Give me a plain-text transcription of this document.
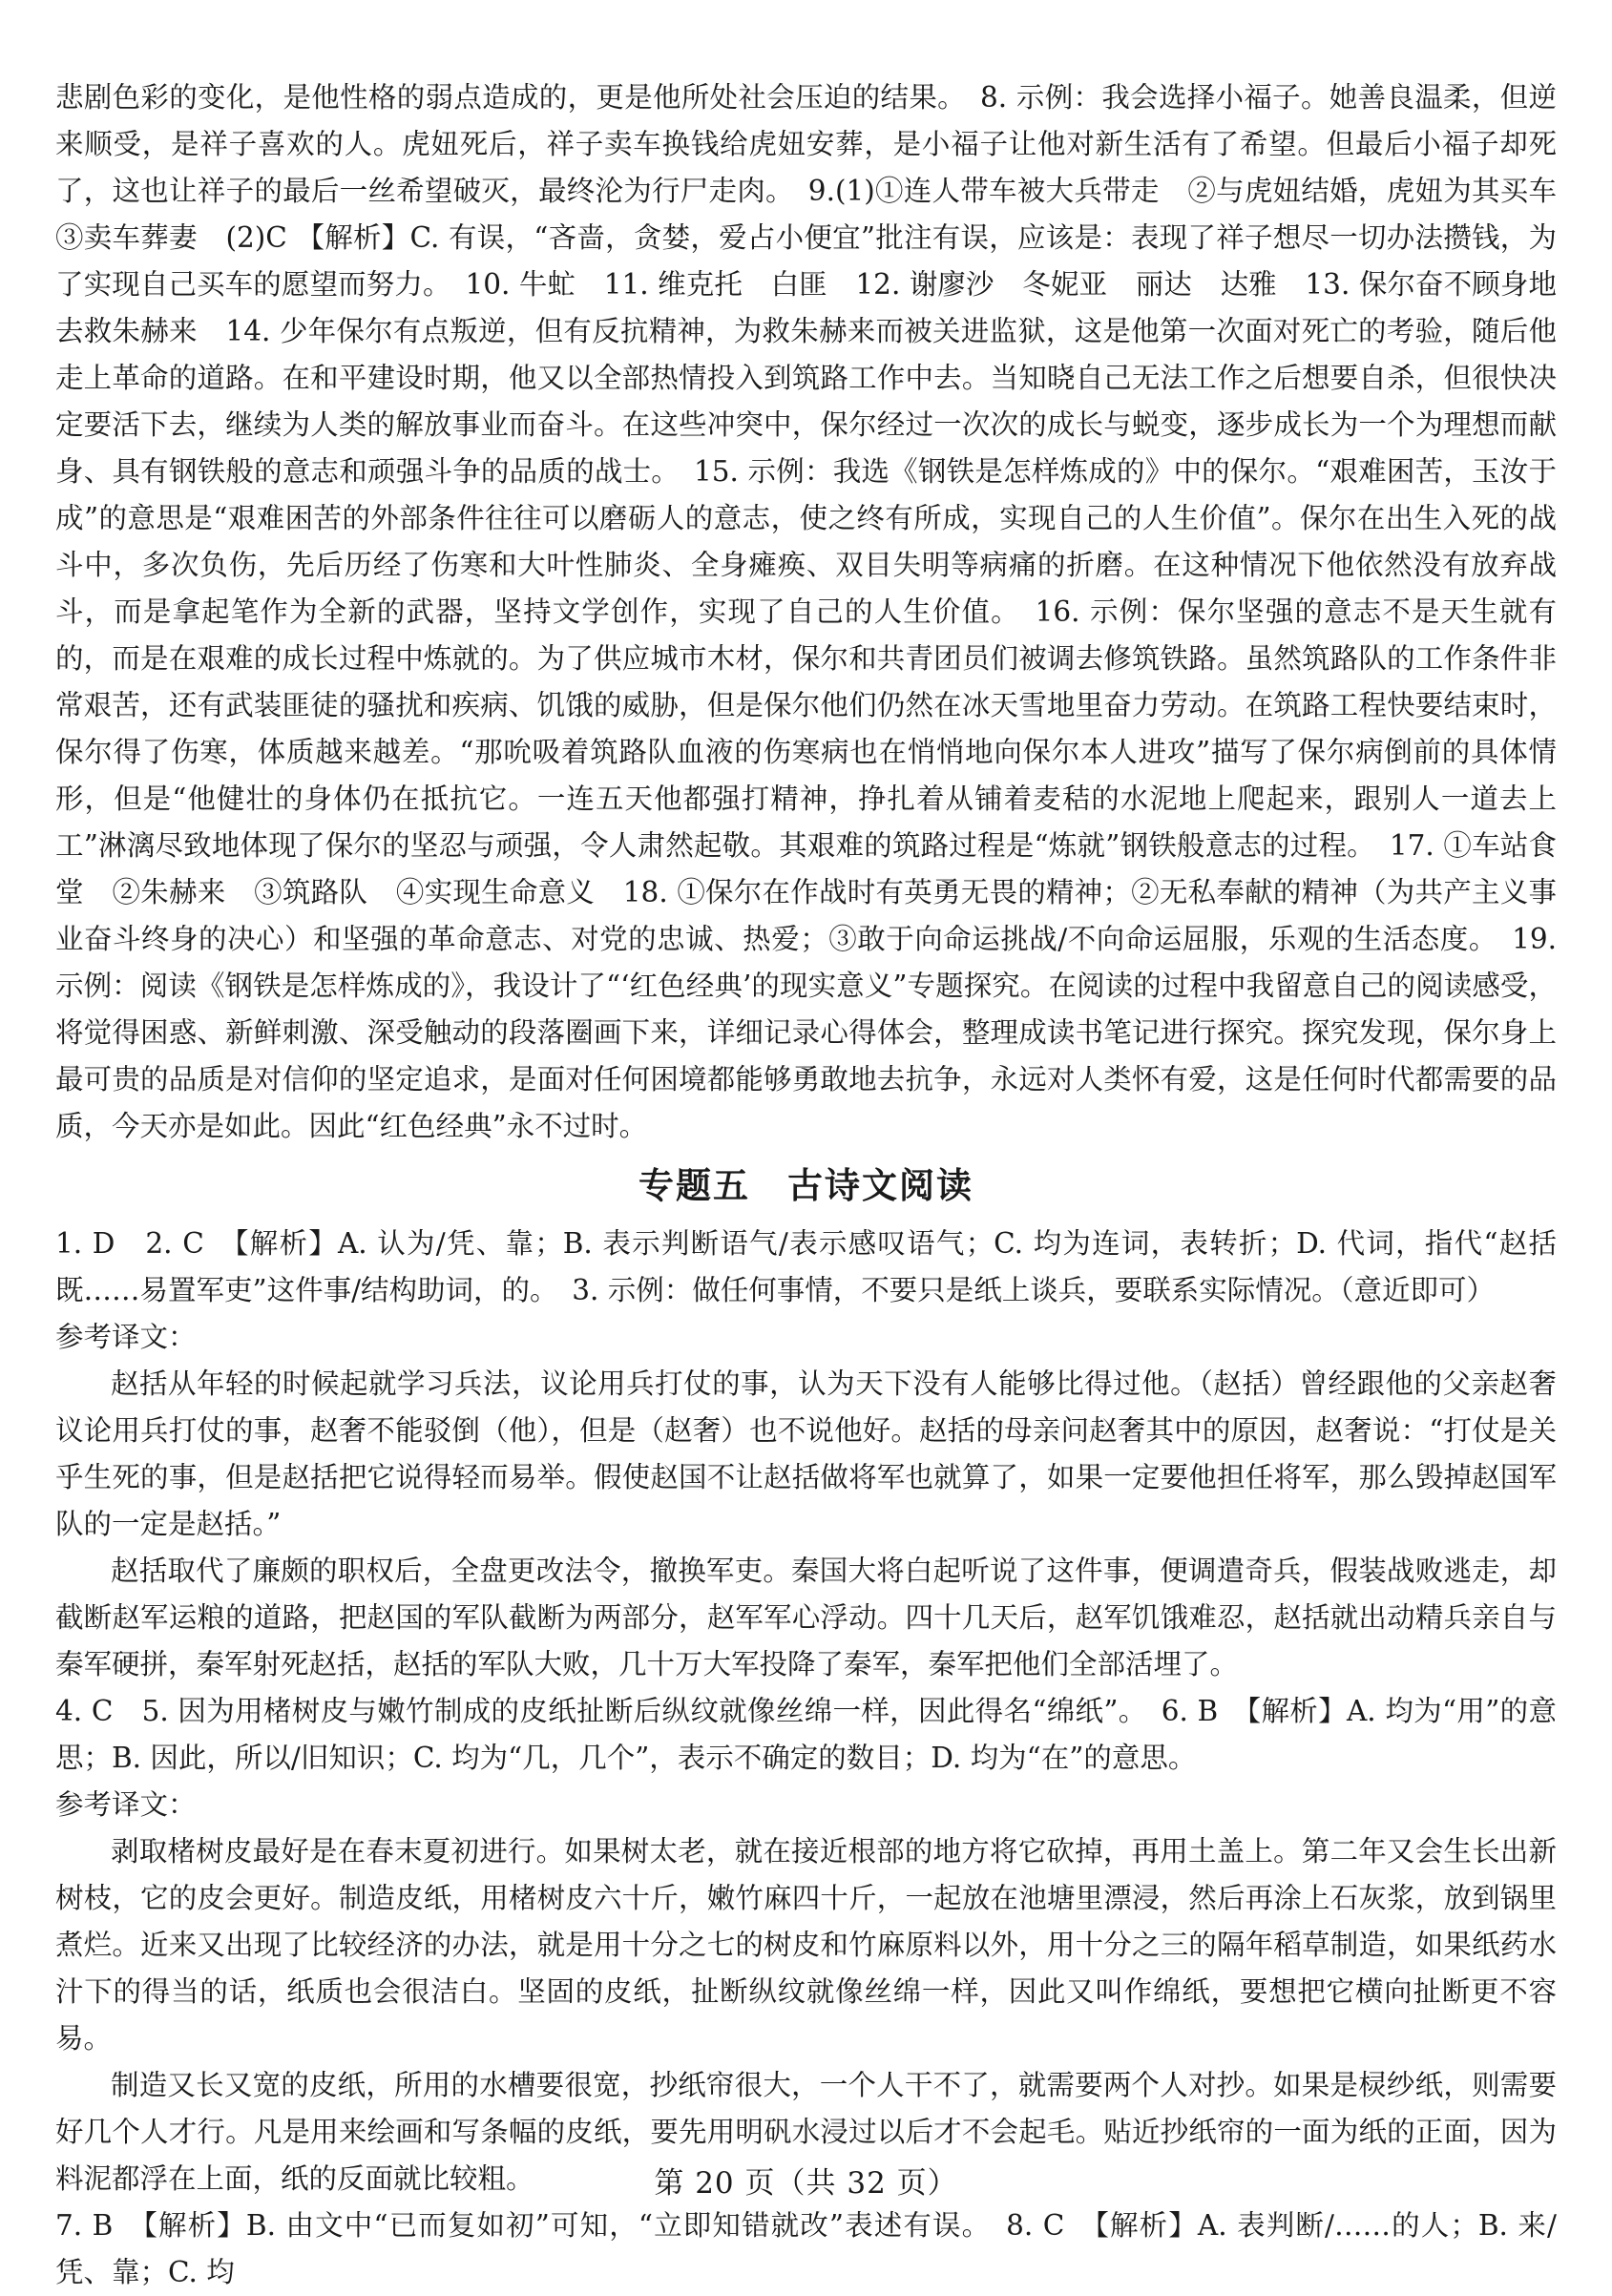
悲剧色彩的变化，是他性格的弱点造成的，更是他所处社会压迫的结果。　8. 示例：我会选择小福子。她善良温柔，但逆来顺受，是祥子喜欢的人。虎妞死后，祥子卖车换钱给虎妞安葬，是小福子让他对新生活有了希望。但最后小福子却死了，这也让祥子的最后一丝希望破灭，最终沦为行尸走肉。　9.(1)①连人带车被大兵带走　②与虎妞结婚，虎妞为其买车　③卖车葬妻　(2)C 【解析】C. 有误，“吝啬，贪婪，爱占小便宜”批注有误，应该是：表现了祥子想尽一切办法攒钱，为了实现自己买车的愿望而努力。　10. 牛虻　11. 维克托　白匪　12. 谢廖沙　冬妮亚　丽达　达雅　13. 保尔奋不顾身地去救朱赫来　14. 少年保尔有点叛逆，但有反抗精神，为救朱赫来而被关进监狱，这是他第一次面对死亡的考验，随后他走上革命的道路。在和平建设时期，他又以全部热情投入到筑路工作中去。当知晓自己无法工作之后想要自杀，但很快决定要活下去，继续为人类的解放事业而奋斗。在这些冲突中，保尔经过一次次的成长与蜕变，逐步成长为一个为理想而献身、具有钢铁般的意志和顽强斗争的品质的战士。　15. 示例：我选《钢铁是怎样炼成的》中的保尔。“艰难困苦，玉汝于成”的意思是“艰难困苦的外部条件往往可以磨砺人的意志，使之终有所成，实现自己的人生价值”。保尔在出生入死的战斗中，多次负伤，先后历经了伤寒和大叶性肺炎、全身瘫痪、双目失明等病痛的折磨。在这种情况下他依然没有放弃战斗，而是拿起笔作为全新的武器，坚持文学创作，实现了自己的人生价值。　16. 示例：保尔坚强的意志不是天生就有的，而是在艰难的成长过程中炼就的。为了供应城市木材，保尔和共青团员们被调去修筑铁路。虽然筑路队的工作条件非常艰苦，还有武装匪徒的骚扰和疾病、饥饿的威胁，但是保尔他们仍然在冰天雪地里奋力劳动。在筑路工程快要结束时，保尔得了伤寒，体质越来越差。“那吮吸着筑路队血液的伤寒病也在悄悄地向保尔本人进攻”描写了保尔病倒前的具体情形，但是“他健壮的身体仍在抵抗它。一连五天他都强打精神，挣扎着从铺着麦秸的水泥地上爬起来，跟别人一道去上工”淋漓尽致地体现了保尔的坚忍与顽强，令人肃然起敬。其艰难的筑路过程是“炼就”钢铁般意志的过程。　17. ①车站食堂　②朱赫来　③筑路队　④实现生命意义　18. ①保尔在作战时有英勇无畏的精神；②无私奉献的精神（为共产主义事业奋斗终身的决心）和坚强的革命意志、对党的忠诚、热爱；③敢于向命运挑战/不向命运屈服，乐观的生活态度。　19. 示例：阅读《钢铁是怎样炼成的》，我设计了“‘红色经典’的现实意义”专题探究。在阅读的过程中我留意自己的阅读感受，将觉得困惑、新鲜刺激、深受触动的段落圈画下来，详细记录心得体会，整理成读书笔记进行探究。探究发现，保尔身上最可贵的品质是对信仰的坚定追求，是面对任何困境都能够勇敢地去抗争，永远对人类怀有爱，这是任何时代都需要的品质，今天亦是如此。因此“红色经典”永不过时。

专题五　古诗文阅读

1. D　2. C　【解析】A. 认为/凭、靠；B. 表示判断语气/表示感叹语气；C. 均为连词，表转折；D. 代词，指代“赵括既……易置军吏”这件事/结构助词，的。　3. 示例：做任何事情，不要只是纸上谈兵，要联系实际情况。（意近即可）

参考译文：

赵括从年轻的时候起就学习兵法，议论用兵打仗的事，认为天下没有人能够比得过他。（赵括）曾经跟他的父亲赵奢议论用兵打仗的事，赵奢不能驳倒（他），但是（赵奢）也不说他好。赵括的母亲问赵奢其中的原因，赵奢说：“打仗是关乎生死的事，但是赵括把它说得轻而易举。假使赵国不让赵括做将军也就算了，如果一定要他担任将军，那么毁掉赵国军队的一定是赵括。”

赵括取代了廉颇的职权后，全盘更改法令，撤换军吏。秦国大将白起听说了这件事，便调遣奇兵，假装战败逃走，却截断赵军运粮的道路，把赵国的军队截断为两部分，赵军军心浮动。四十几天后，赵军饥饿难忍，赵括就出动精兵亲自与秦军硬拼，秦军射死赵括，赵括的军队大败，几十万大军投降了秦军，秦军把他们全部活埋了。

4. C　5. 因为用楮树皮与嫩竹制成的皮纸扯断后纵纹就像丝绵一样，因此得名“绵纸”。　6. B　【解析】A. 均为“用”的意思；B. 因此，所以/旧知识；C. 均为“几，几个”，表示不确定的数目；D. 均为“在”的意思。

参考译文：

剥取楮树皮最好是在春末夏初进行。如果树太老，就在接近根部的地方将它砍掉，再用土盖上。第二年又会生长出新树枝，它的皮会更好。制造皮纸，用楮树皮六十斤，嫩竹麻四十斤，一起放在池塘里漂浸，然后再涂上石灰浆，放到锅里煮烂。近来又出现了比较经济的办法，就是用十分之七的树皮和竹麻原料以外，用十分之三的隔年稻草制造，如果纸药水汁下的得当的话，纸质也会很洁白。坚固的皮纸，扯断纵纹就像丝绵一样，因此又叫作绵纸，要想把它横向扯断更不容易。

制造又长又宽的皮纸，所用的水槽要很宽，抄纸帘很大，一个人干不了，就需要两个人对抄。如果是棂纱纸，则需要好几个人才行。凡是用来绘画和写条幅的皮纸，要先用明矾水浸过以后才不会起毛。贴近抄纸帘的一面为纸的正面，因为料泥都浮在上面，纸的反面就比较粗。

7. B　【解析】B. 由文中“已而复如初”可知，“立即知错就改”表述有误。　8. C　【解析】A. 表判断/……的人；B. 来/凭、靠；C. 均

第 20 页（共 32 页）
